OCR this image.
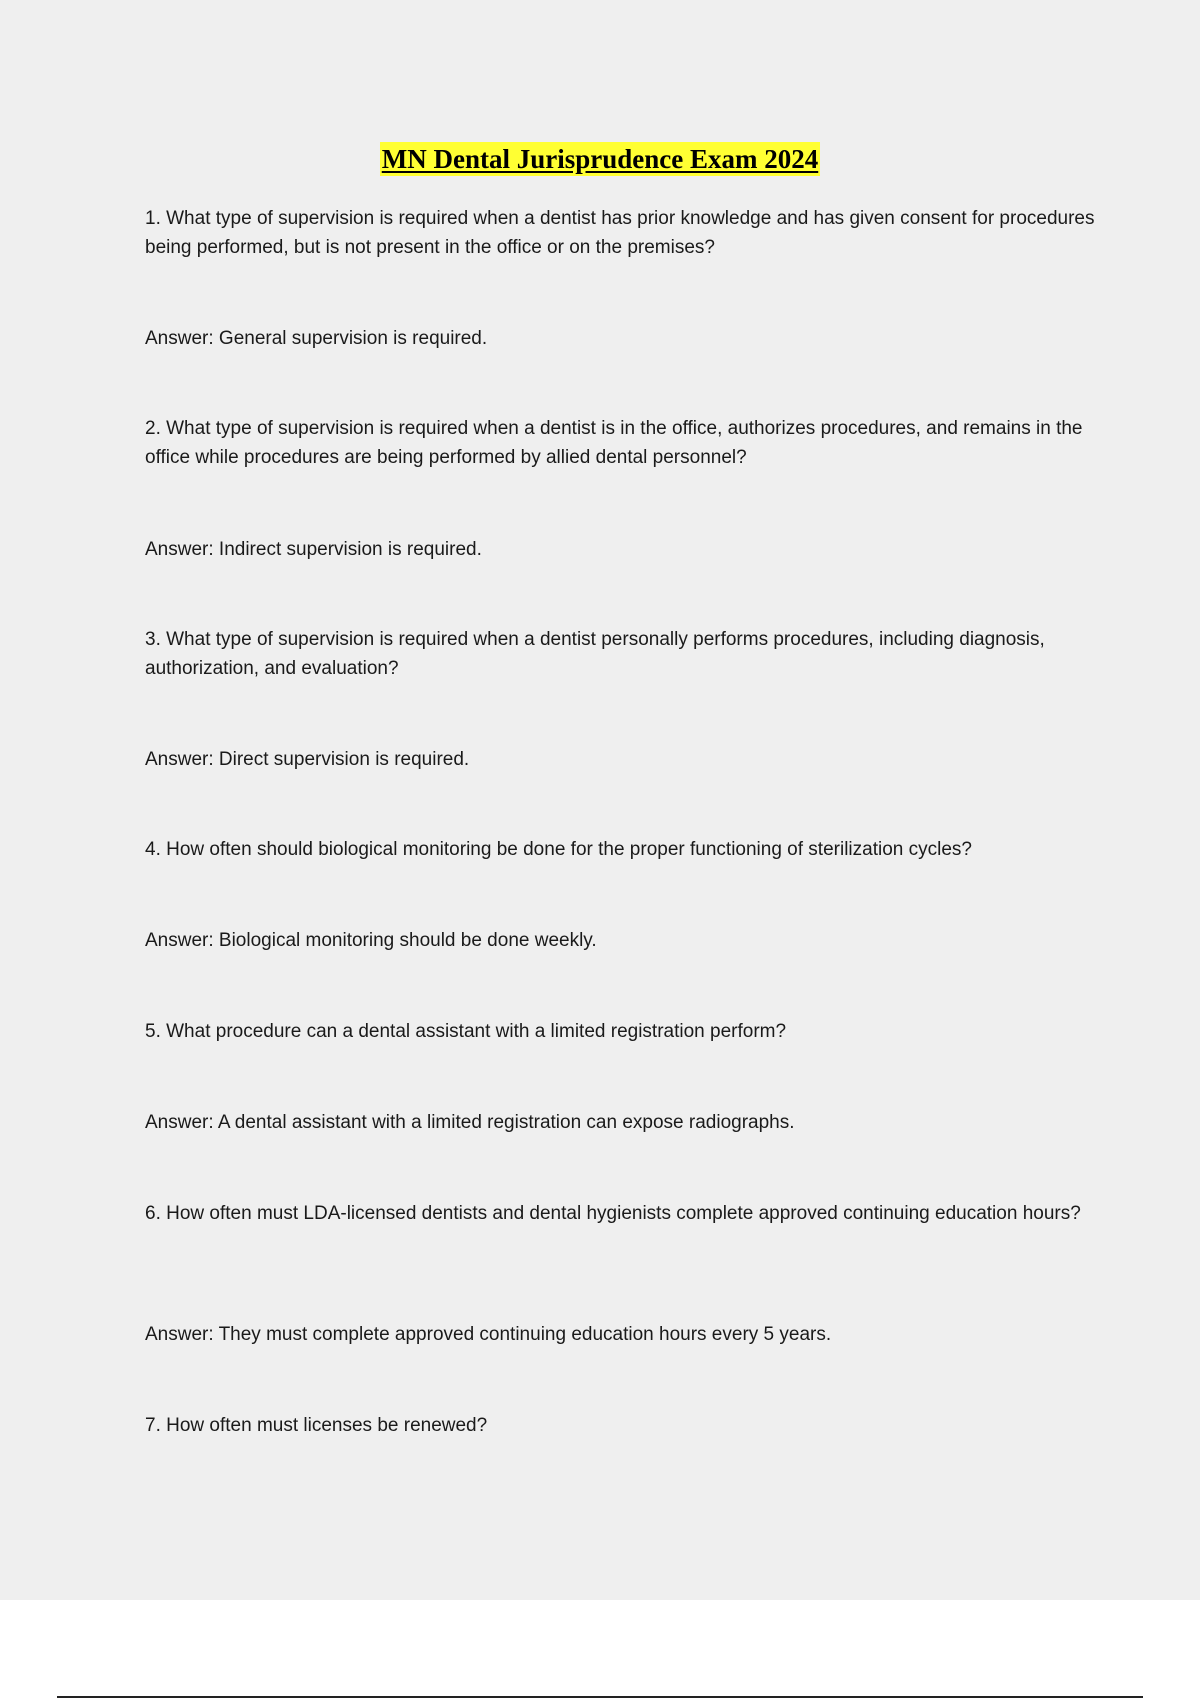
MN Dental Jurisprudence Exam 2024

1. What type of supervision is required when a dentist has prior knowledge and has given consent for procedures being performed, but is not present in the office or on the premises?

Answer: General supervision is required.

2. What type of supervision is required when a dentist is in the office, authorizes procedures, and remains in the office while procedures are being performed by allied dental personnel?

Answer: Indirect supervision is required.

3. What type of supervision is required when a dentist personally performs procedures, including diagnosis, authorization, and evaluation?

Answer: Direct supervision is required.

4. How often should biological monitoring be done for the proper functioning of sterilization cycles?

Answer: Biological monitoring should be done weekly.

5. What procedure can a dental assistant with a limited registration perform?

Answer: A dental assistant with a limited registration can expose radiographs.

6. How often must LDA-licensed dentists and dental hygienists complete approved continuing education hours?

Answer: They must complete approved continuing education hours every 5 years.

7. How often must licenses be renewed?
